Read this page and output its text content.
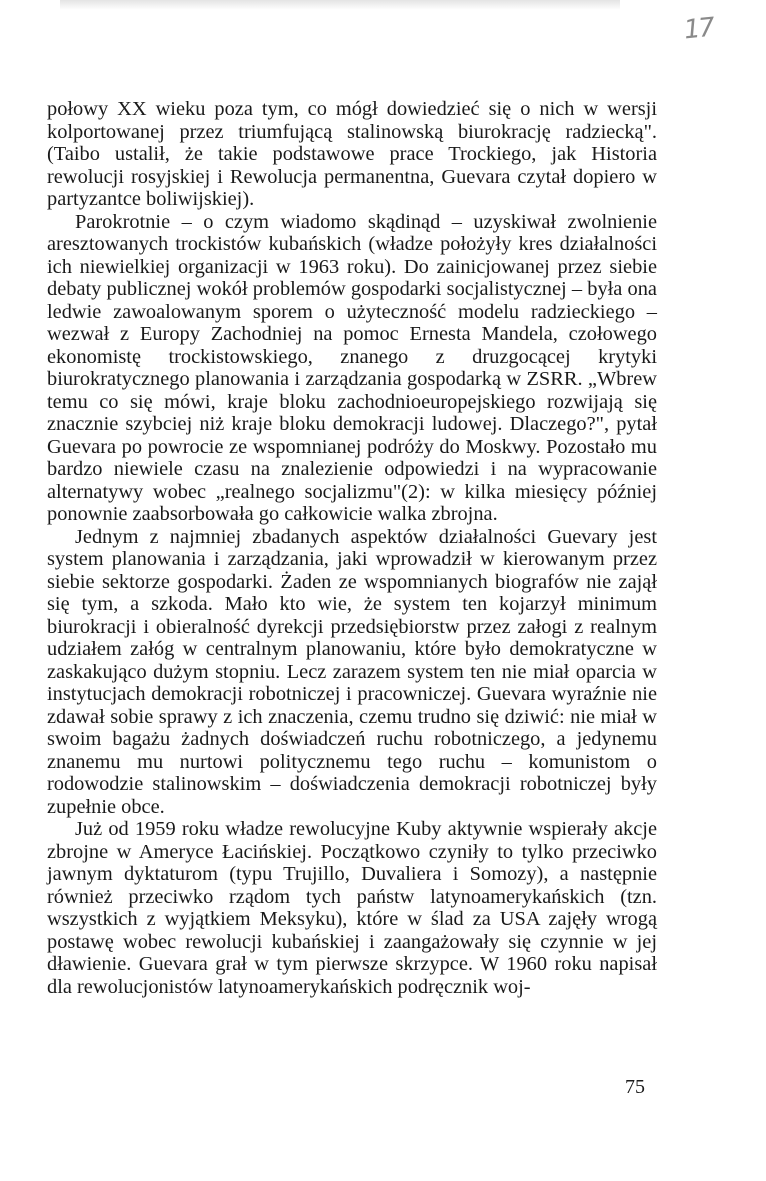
17

połowy XX wieku poza tym, co mógł dowiedzieć się o nich w wersji kolportowanej przez triumfującą stalinowską biurokrację radziecką". (Taibo ustalił, że takie podstawowe prace Trockiego, jak Historia rewolucji rosyjskiej i Rewolucja permanentna, Guevara czytał dopiero w partyzantce boliwijskiej).

Parokrotnie – o czym wiadomo skądinąd – uzyskiwał zwolnienie aresztowanych trockistów kubańskich (władze położyły kres działalności ich niewielkiej organizacji w 1963 roku). Do zainicjowanej przez siebie debaty publicznej wokół problemów gospodarki socjalistycznej – była ona ledwie zawoalowanym sporem o użyteczność modelu radzieckiego – wezwał z Europy Zachodniej na pomoc Ernesta Mandela, czołowego ekonomistę trockistowskiego, znanego z druzgocącej krytyki biurokratycznego planowania i zarządzania gospodarką w ZSRR. „Wbrew temu co się mówi, kraje bloku zachodnioeuropejskiego rozwijają się znacznie szybciej niż kraje bloku demokracji ludowej. Dlaczego?", pytał Guevara po powrocie ze wspomnianej podróży do Moskwy. Pozostało mu bardzo niewiele czasu na znalezienie odpowiedzi i na wypracowanie alternatywy wobec „realnego socjalizmu"(2): w kilka miesięcy później ponownie zaabsorbowała go całkowicie walka zbrojna.

Jednym z najmniej zbadanych aspektów działalności Guevary jest system planowania i zarządzania, jaki wprowadził w kierowanym przez siebie sektorze gospodarki. Żaden ze wspomnianych biografów nie zajął się tym, a szkoda. Mało kto wie, że system ten kojarzył minimum biurokracji i obieralność dyrekcji przedsiębiorstw przez załogi z realnym udziałem załóg w centralnym planowaniu, które było demokratyczne w zaskakująco dużym stopniu. Lecz zarazem system ten nie miał oparcia w instytucjach demokracji robotniczej i pracowniczej. Guevara wyraźnie nie zdawał sobie sprawy z ich znaczenia, czemu trudno się dziwić: nie miał w swoim bagażu żadnych doświadczeń ruchu robotniczego, a jedynemu znanemu mu nurtowi politycznemu tego ruchu – komunistom o rodowodzie stalinowskim – doświadczenia demokracji robotniczej były zupełnie obce.

Już od 1959 roku władze rewolucyjne Kuby aktywnie wspierały akcje zbrojne w Ameryce Łacińskiej. Początkowo czyniły to tylko przeciwko jawnym dyktaturom (typu Trujillo, Duvaliera i Somozy), a następnie również przeciwko rządom tych państw latynoamerykańskich (tzn. wszystkich z wyjątkiem Meksyku), które w ślad za USA zajęły wrogą postawę wobec rewolucji kubańskiej i zaangażowały się czynnie w jej dławienie. Guevara grał w tym pierwsze skrzypce. W 1960 roku napisał dla rewolucjonistów latynoamerykańskich podręcznik woj-

75
